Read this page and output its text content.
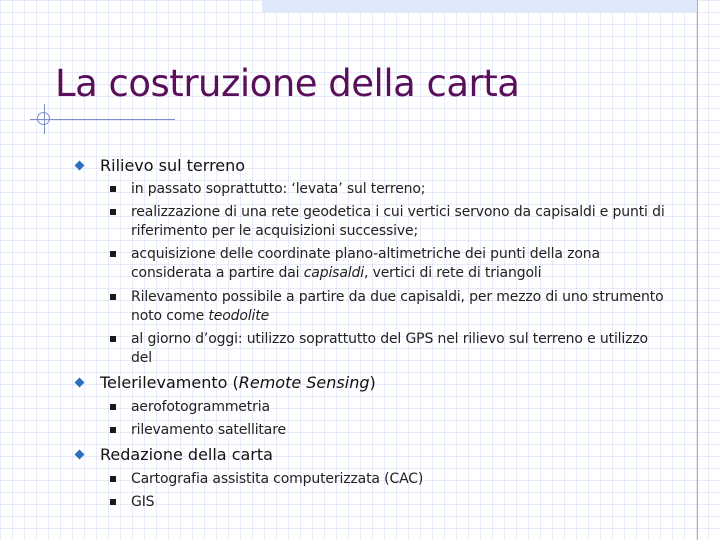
La costruzione della carta
Rilievo sul terreno
in passato soprattutto: ‘levata’ sul terreno;
realizzazione di una rete geodetica i cui vertici servono da capisaldi e punti di riferimento per le acquisizioni successive;
acquisizione delle coordinate plano-altimetriche dei punti della zona considerata a partire dai capisaldi, vertici di rete di triangoli
Rilevamento possibile a partire da due capisaldi, per mezzo di uno strumento noto come teodolite
al giorno d’oggi: utilizzo soprattutto del GPS nel rilievo sul terreno e utilizzo del
Telerilevamento (Remote Sensing)
aerofotogrammetria
rilevamento satellitare
Redazione della carta
Cartografia assistita computerizzata (CAC)
GIS
